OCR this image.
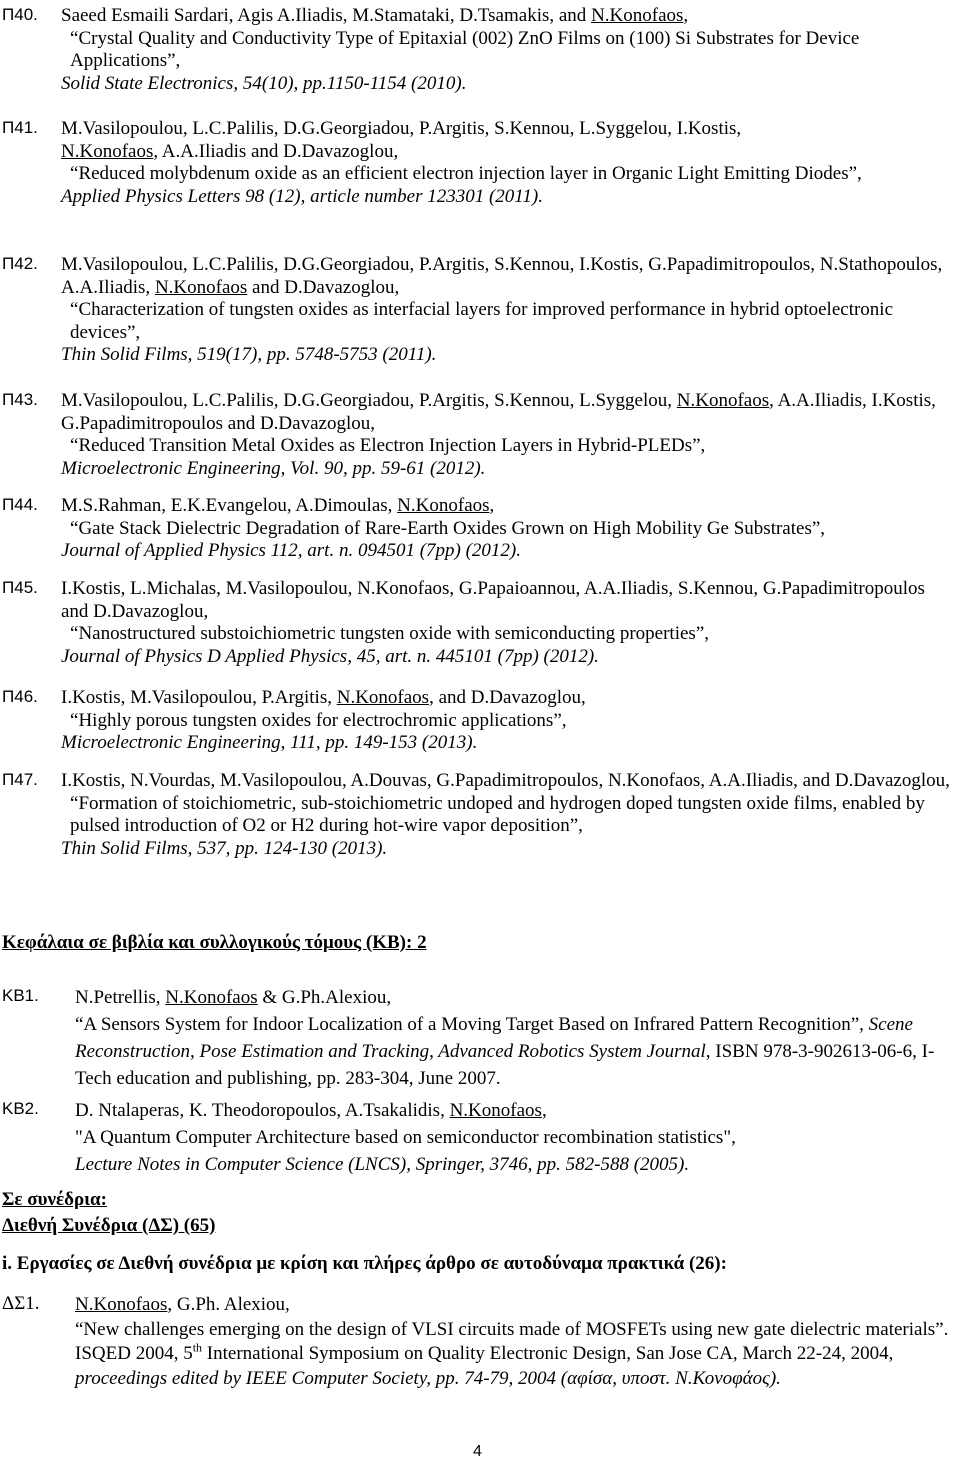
Π40. Saeed Esmaili Sardari, Agis A.Iliadis, M.Stamataki, D.Tsamakis, and N.Konofaos,
“Crystal Quality and Conductivity Type of Epitaxial (002) ZnO Films on (100) Si Substrates for Device Applications”,
Solid State Electronics, 54(10), pp.1150-1154 (2010).
Π41. M.Vasilopoulou, L.C.Palilis, D.G.Georgiadou, P.Argitis, S.Kennou, L.Syggelou, I.Kostis,
N.Konofaos, A.A.Iliadis and D.Davazoglou,
“Reduced molybdenum oxide as an efficient electron injection layer in Organic Light Emitting Diodes”,
Applied Physics Letters 98 (12), article number 123301 (2011).
Π42. M.Vasilopoulou, L.C.Palilis, D.G.Georgiadou, P.Argitis, S.Kennou, I.Kostis, G.Papadimitropoulos, N.Stathopoulos, A.A.Iliadis, N.Konofaos and D.Davazoglou,
“Characterization of tungsten oxides as interfacial layers for improved performance in hybrid optoelectronic devices”,
Thin Solid Films, 519(17), pp. 5748-5753 (2011).
Π43. M.Vasilopoulou, L.C.Palilis, D.G.Georgiadou, P.Argitis, S.Kennou, L.Syggelou, N.Konofaos, A.A.Iliadis, I.Kostis, G.Papadimitropoulos and D.Davazoglou,
“Reduced Transition Metal Oxides as Electron Injection Layers in Hybrid-PLEDs”,
Microelectronic Engineering, Vol. 90, pp. 59-61 (2012).
Π44. M.S.Rahman, E.K.Evangelou, A.Dimoulas, N.Konofaos,
“Gate Stack Dielectric Degradation of Rare-Earth Oxides Grown on High Mobility Ge Substrates”,
Journal of Applied Physics 112, art. n. 094501 (7pp) (2012).
Π45. I.Kostis, L.Michalas, M.Vasilopoulou, N.Konofaos, G.Papaioannou, A.A.Iliadis, S.Kennou, G.Papadimitropoulos and D.Davazoglou,
“Nanostructured substoichiometric tungsten oxide with semiconducting properties”,
Journal of Physics D Applied Physics, 45, art. n. 445101 (7pp) (2012).
Π46. I.Kostis, M.Vasilopoulou, P.Argitis, N.Konofaos, and D.Davazoglou,
“Highly porous tungsten oxides for electrochromic applications”,
Microelectronic Engineering, 111, pp. 149-153 (2013).
Π47. I.Kostis, N.Vourdas, M.Vasilopoulou, A.Douvas, G.Papadimitropoulos, N.Konofaos, A.A.Iliadis, and D.Davazoglou,
“Formation of stoichiometric, sub-stoichiometric undoped and hydrogen doped tungsten oxide films, enabled by pulsed introduction of O2 or H2 during hot-wire vapor deposition”,
Thin Solid Films, 537, pp. 124-130 (2013).
Κεφάλαια σε βιβλία και συλλογικούς τόμους (ΚΒ): 2
ΚΒ1. N.Petrellis, N.Konofaos & G.Ph.Alexiou,
“A Sensors System for Indoor Localization of a Moving Target Based on Infrared Pattern Recognition”, Scene Reconstruction, Pose Estimation and Tracking, Advanced Robotics System Journal, ISBN 978-3-902613-06-6, I-Tech education and publishing, pp. 283-304, June 2007.
ΚΒ2. D. Ntalaperas, K. Theodoropoulos, A.Tsakalidis, N.Konofaos,
"A Quantum Computer Architecture based on semiconductor recombination statistics",
Lecture Notes in Computer Science (LNCS), Springer, 3746, pp. 582-588 (2005).
Σε συνέδρια:
Διεθνή Συνέδρια (ΔΣ) (65)
i. Εργασίες σε Διεθνή συνέδρια με κρίση και πλήρες άρθρο σε αυτοδύναμα πρακτικά (26):
ΔΣ1. N.Konofaos, G.Ph. Alexiou,
“New challenges emerging on the design of VLSI circuits made of MOSFETs using new gate dielectric materials”.
ISQED 2004, 5th International Symposium on Quality Electronic Design, San Jose CA, March 22-24, 2004,
proceedings edited by IEEE Computer Society, pp. 74-79, 2004 (αφίσα, υποστ. Ν.Κονοφάος).
4
